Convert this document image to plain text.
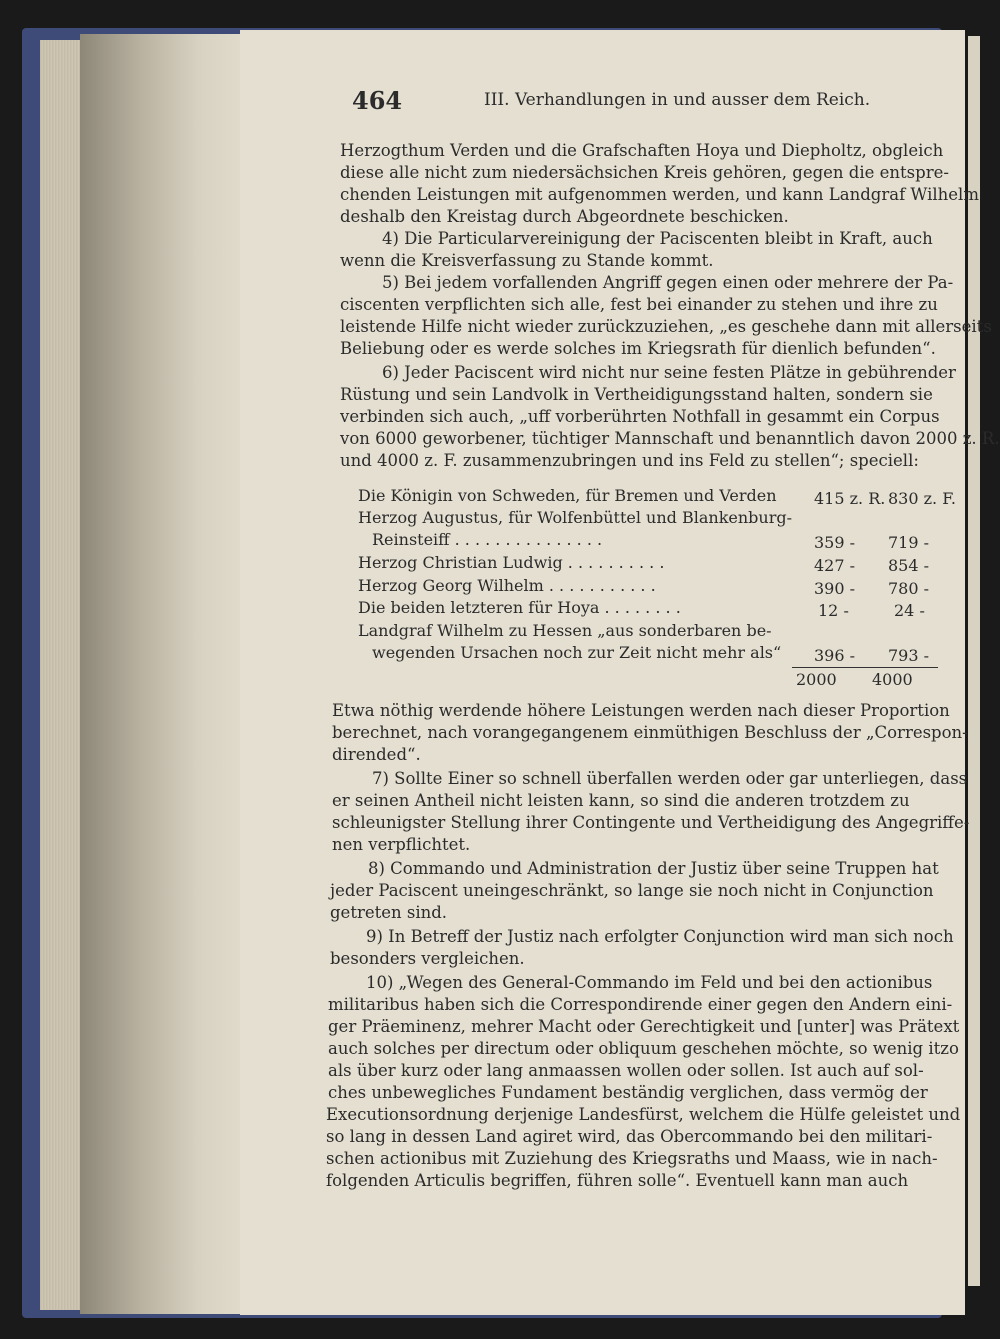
464	III. Verhandlungen in und ausser dem Reich.
Herzogthum Verden und die Grafschaften Hoya und Diepholtz, obgleich
diese alle nicht zum niedersächsichen Kreis gehören, gegen die entspre-
chenden Leistungen mit aufgenommen werden, und kann Landgraf Wilhelm
deshalb den Kreistag durch Abgeordnete beschicken.
4) Die Particularvereinigung der Paciscenten bleibt in Kraft, auch
wenn die Kreisverfassung zu Stande kommt.
5) Bei jedem vorfallenden Angriff gegen einen oder mehrere der Pa-
ciscenten verpflichten sich alle, fest bei einander zu stehen und ihre zu
leistende Hilfe nicht wieder zurückzuziehen, „es geschehe dann mit allerseits
Beliebung oder es werde solches im Kriegsrath für dienlich befunden“.
6) Jeder Paciscent wird nicht nur seine festen Plätze in gebührender
Rüstung und sein Landvolk in Vertheidigungsstand halten, sondern sie
verbinden sich auch, „uff vorberührten Nothfall in gesammt ein Corpus
von 6000 geworbener, tüchtiger Mannschaft und benanntlich davon 2000 z. R.
und 4000 z. F. zusammenzubringen und ins Feld zu stellen“; speciell:
Die Königin von Schweden, für Bremen und Verden 415 z. R. 830 z. F.
Herzog Augustus, für Wolfenbüttel und Blankenburg-
Reinsteiff . . . . . . . . . . . . . . .	359 - 719 -
Herzog Christian Ludwig . . . . . . . . . .	427 - 854 -
Herzog Georg Wilhelm . . . . . . . . . . .	390 - 780 -
Die beiden letzteren für Hoya . . . . . . . .	12 -	24 -
Landgraf Wilhelm zu Hessen „aus sonderbaren be-
wegenden Ursachen noch zur Zeit nicht mehr als“ 396 - 793 -
2000 4000
Etwa nöthig werdende höhere Leistungen werden nach dieser Proportion
berechnet, nach vorangegangenem einmüthigen Beschluss der „Correspon-
dirended“.
7) Sollte Einer so schnell überfallen werden oder gar unterliegen, dass
er seinen Antheil nicht leisten kann, so sind die anderen trotzdem zu
schleunigster Stellung ihrer Contingente und Vertheidigung des Angegriffe-
nen verpflichtet.
8) Commando und Administration der Justiz über seine Truppen hat
jeder Paciscent uneingeschränkt, so lange sie noch nicht in Conjunction
getreten sind.
9) In Betreff der Justiz nach erfolgter Conjunction wird man sich noch
besonders vergleichen.
10) „Wegen des General-Commando im Feld und bei den actionibus
militaribus haben sich die Correspondirende einer gegen den Andern eini-
ger Präeminenz, mehrer Macht oder Gerechtigkeit und [unter] was Prätext
auch solches per directum oder obliquum geschehen möchte, so wenig itzo
als über kurz oder lang anmaassen wollen oder sollen. Ist auch auf sol-
ches unbewegliches Fundament beständig verglichen, dass vermög der
Executionsordnung derjenige Landesfürst, welchem die Hülfe geleistet und
so lang in dessen Land agiret wird, das Obercommando bei den militari-
schen actionibus mit Zuziehung des Kriegsraths und Maass, wie in nach-
folgenden Articulis begriffen, führen solle“. Eventuell kann man auch
